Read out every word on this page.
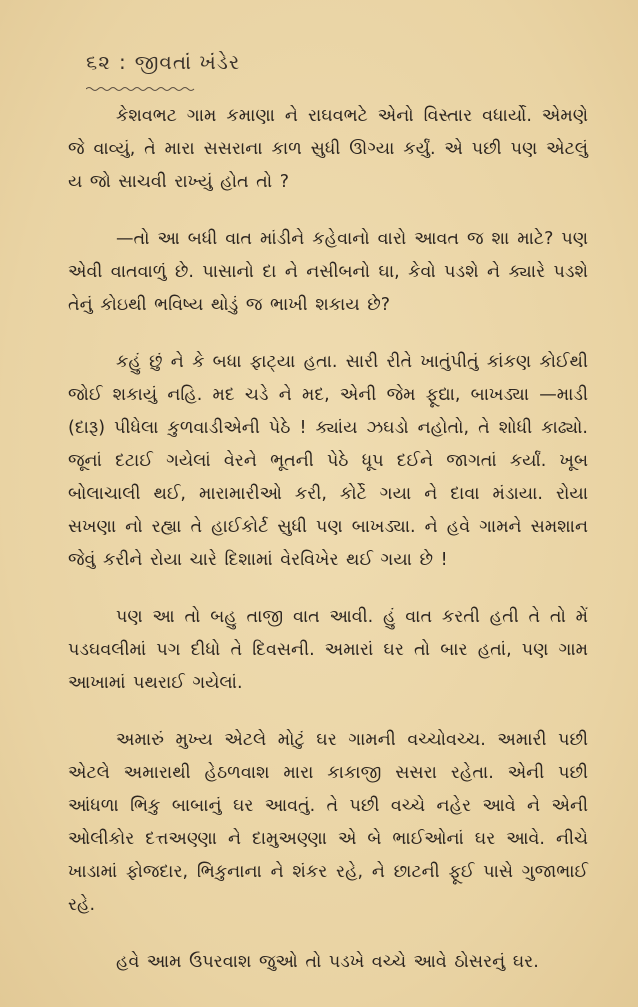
૬૨ : જીવતાં ખંડેર

કેશવભટ ગામ કમાણા ને રાઘવભટે એનો વિસ્તાર વધાર્યો. એમણે જે વાવ્યું, તે મારા સસરાના કાળ સુધી ઊગ્યા કર્યું. એ પછી પણ એટલું ય જો સાચવી રાખ્યું હોત તો ?

—તો આ બધી વાત માંડીને કહેવાનો વારો આવત જ શા માટે? પણ એવી વાતવાળું છે. પાસાનો દા ને નસીબનો ઘા, કેવો પડશે ને ક્યારે પડશે તેનું કોઇથી ભવિષ્ય થોડું જ ભાખી શકાય છે?

કહું છું ને કે બધા ફાટ્યા હતા. સારી રીતે ખાતુંપીતું કાંકણ કોઈથી જોઈ શકાયું નહિ. મદ ચડે ને મદ, એની જેમ ફૂદ્યા, બાખડ્યા —માડી (દારૂ) પીધેલા કુળવાડીએની પેઠે ! ક્યાંય ઝઘડો નહોતો, તે શોધી કાઢ્યો. જૂનાં દટાઈ ગયેલાં વેરને ભૂતની પેઠે ધૂપ દઈને જાગતાં કર્યાં. ખૂબ બોલાચાલી થઈ, મારામારીઓ કરી, કોર્ટે ગયા ને દાવા મંડાયા. રોયા સખણા નો રહ્યા તે હાઈકોર્ટ સુધી પણ બાખડ્યા. ને હવે ગામને સમશાન જેવું કરીને રોયા ચારે દિશામાં વેરવિખેર થઈ ગયા છે !

પણ આ તો બહુ તાજી વાત આવી. હું વાત કરતી હતી તે તો મેં પડઘવલીમાં પગ દીધો તે દિવસની. અમારાં ઘર તો બાર હતાં, પણ ગામ આખામાં પથરાઈ ગયેલાં.

અમારું મુખ્ય એટલે મોટું ઘર ગામની વચ્ચોવચ્ચ. અમારી પછી એટલે અમારાથી હેઠળવાશ મારા કાકાજી સસરા રહેતા. એની પછી આંધળા ભિકુ બાબાનું ઘર આવતું. તે પછી વચ્ચે નહેર આવે ને એની ઓલીકોર દત્તઅણ્ણા ને દામુઅણ્ણા એ બે ભાઈઓનાં ઘર આવે. નીચે ખાડામાં ફોજદાર, ભિકુનાના ને શંકર રહે, ને છાટની ફૂઈ પાસે ગુજાભાઈ રહે.

હવે આમ ઉપરવાશ જુઓ તો પડખે વચ્ચે આવે ઠોસરનું ઘર.
